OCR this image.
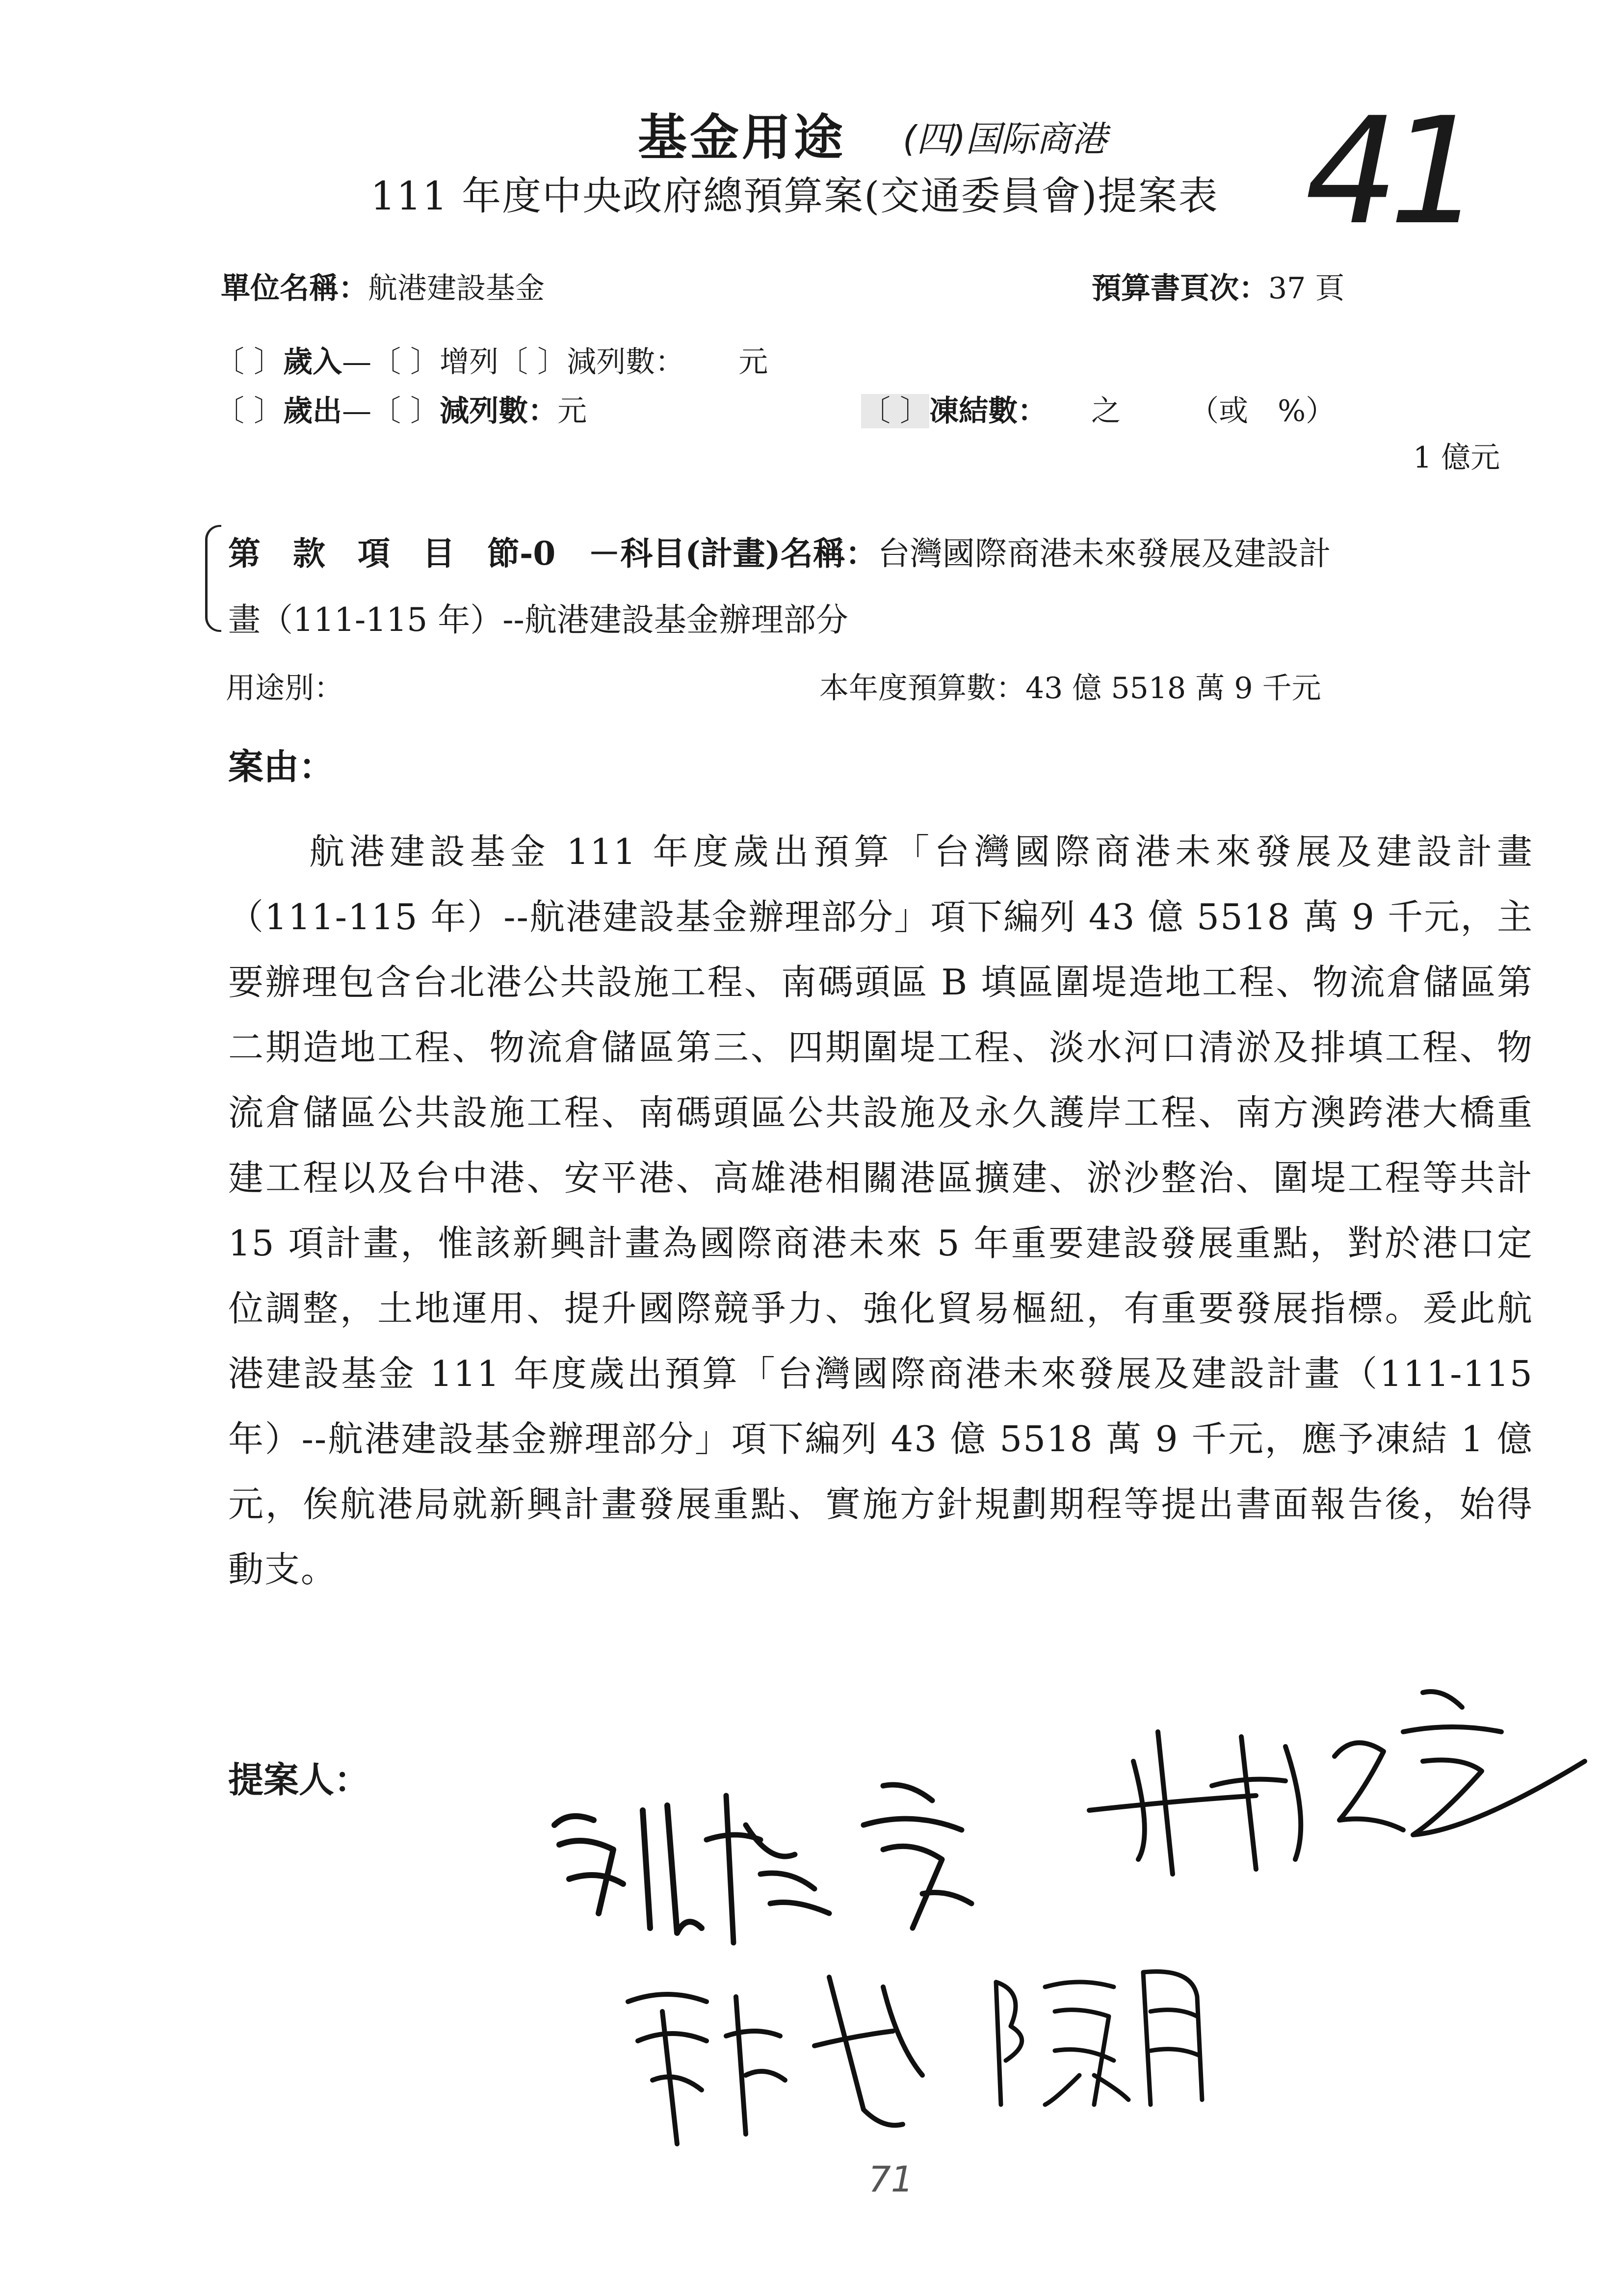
基金用途 (四)国际商港
111 年度中央政府總預算案(交通委員會)提案表 41
單位名稱：航港建設基金	預算書頁次：37 頁
〔 〕歲入—〔 〕增列〔 〕減列數： 元
〔 〕歲出—〔 〕減列數：元	〔 〕凍結數： 之 （或　%）
1 億元
第　款　項　目　節-0　－科目(計畫)名稱：台灣國際商港未來發展及建設計
畫（111-115 年）--航港建設基金辦理部分
用途別：	本年度預算數：43 億 5518 萬 9 千元
案由：
航港建設基金 111 年度歲出預算「台灣國際商港未來發展及建設計畫（111-115 年）--航港建設基金辦理部分」項下編列 43 億 5518 萬 9 千元，主要辦理包含台北港公共設施工程、南碼頭區 B 填區圍堤造地工程、物流倉儲區第二期造地工程、物流倉儲區第三、四期圍堤工程、淡水河口清淤及排填工程、物流倉儲區公共設施工程、南碼頭區公共設施及永久護岸工程、南方澳跨港大橋重建工程以及台中港、安平港、高雄港相關港區擴建、淤沙整治、圍堤工程等共計 15 項計畫，惟該新興計畫為國際商港未來 5 年重要建設發展重點，對於港口定位調整，土地運用、提升國際競爭力、強化貿易樞紐，有重要發展指標。爰此航港建設基金 111 年度歲出預算「台灣國際商港未來發展及建設計畫（111-115 年）--航港建設基金辦理部分」項下編列 43 億 5518 萬 9 千元，應予凍結 1 億元，俟航港局就新興計畫發展重點、實施方針規劃期程等提出書面報告後，始得動支。
提案人：
71
